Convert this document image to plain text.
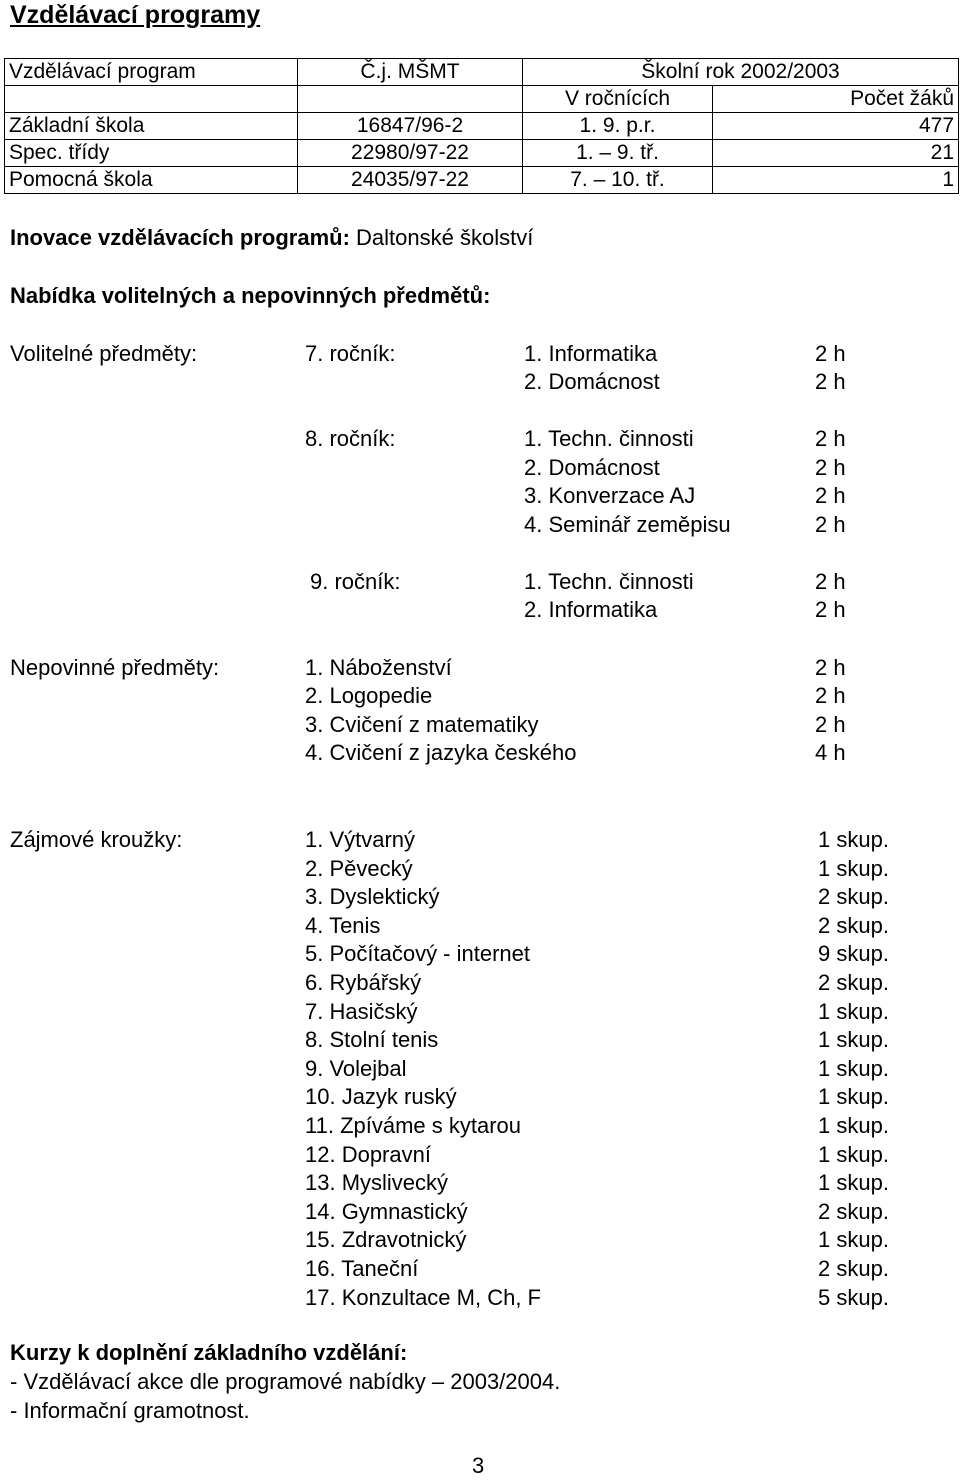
Vzdělávací programy
Vzdělávací program	Č.j. MŠMT	Školní rok 2002/2003	
		V ročnících	Počet žáků
Základní škola	16847/96-2	1. 9. p.r.	477
Spec. třídy	22980/97-22	1. – 9. tř.	21
Pomocná škola	24035/97-22	7. – 10. tř.	1
Inovace vzdělávacích programů: Daltonské školství
Nabídka volitelných a nepovinných předmětů:
Volitelné předměty:	7. ročník:	1. Informatika	2 h
2. Domácnost	2 h
8. ročník:	1. Techn. činnosti	2 h
2. Domácnost	2 h
3. Konverzace AJ	2 h
4. Seminář zeměpisu	2 h
9. ročník:	1. Techn. činnosti	2 h
2. Informatika	2 h
Nepovinné předměty:	1. Náboženství	2 h
2. Logopedie	2 h
3. Cvičení z matematiky	2 h
4. Cvičení z jazyka českého	4 h
Zájmové kroužky:	1. Výtvarný	1 skup.
2. Pěvecký	1 skup.
3. Dyslektický	2 skup.
4. Tenis	2 skup.
5. Počítačový - internet	9 skup.
6. Rybářský	2 skup.
7. Hasičský	1 skup.
8. Stolní tenis	1 skup.
9. Volejbal	1 skup.
10. Jazyk ruský	1 skup.
11. Zpíváme s kytarou	1 skup.
12. Dopravní	1 skup.
13. Myslivecký	1 skup.
14. Gymnastický	2 skup.
15. Zdravotnický	1 skup.
16. Taneční	2 skup.
17. Konzultace M, Ch, F	5 skup.
Kurzy k doplnění základního vzdělání:
- Vzdělávací akce dle programové nabídky – 2003/2004.
- Informační gramotnost.
3
